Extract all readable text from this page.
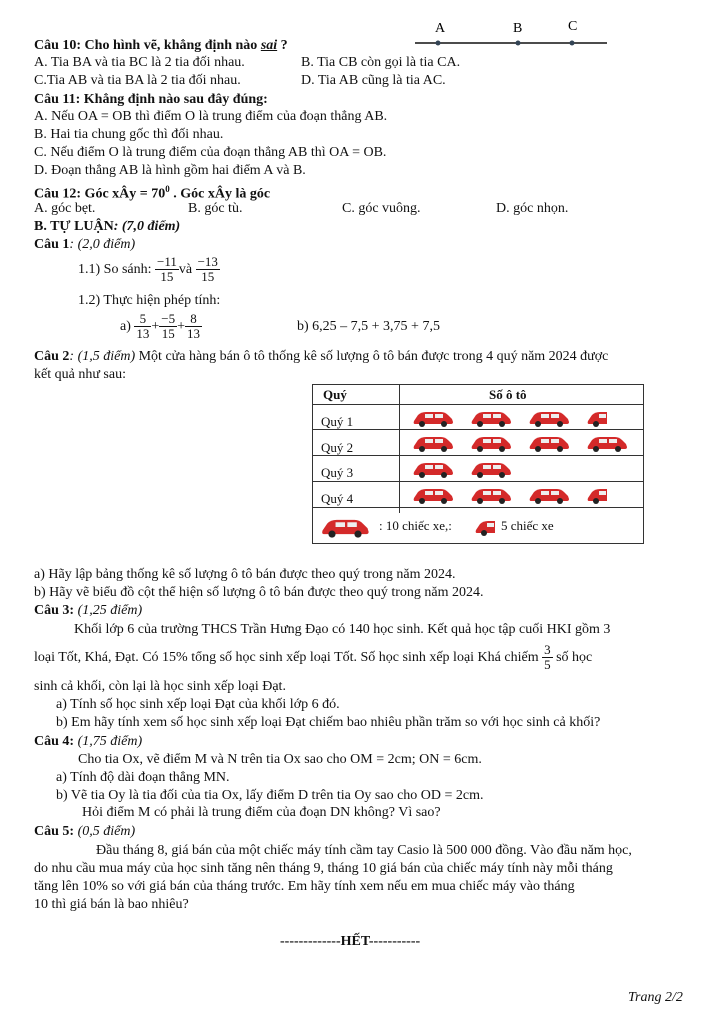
A	B	C
Câu 10: Cho hình vẽ, khẳng định nào sai ?
A. Tia BA và tia BC là 2 tia đối nhau.	B. Tia CB còn gọi là tia CA.
C.Tia AB và tia BA là 2 tia đối nhau.	D. Tia AB cũng là tia AC.
Câu 11: Khẳng định nào sau đây đúng:
A. Nếu OA = OB thì điểm O là trung điểm của đoạn thẳng AB.
B. Hai tia chung gốc thì đối nhau.
C. Nếu điểm O là trung điểm của đoạn thẳng AB thì OA = OB.
D. Đoạn thẳng AB là hình gồm hai điểm A và B.
Câu 12: Góc xÂy = $70^0$ . Góc xÂy là góc
A. góc bẹt.	B. góc tù.	C. góc vuông.	D. góc nhọn.
B. TỰ LUẬN: (7,0 điểm)
Câu 1: (2,0 điểm)
1.1) So sánh: $\frac{-11}{15}$ và $\frac{-13}{15}$
1.2) Thực hiện phép tính:
$a) \frac{5}{13} + \frac{-5}{15} + \frac{8}{13}$	b) 6,25 – 7,5 + 3,75 + 7,5
Câu 2: (1,5 điểm) Một cửa hàng bán ô tô thống kê số lượng ô tô bán được trong 4 quý năm 2024 được
kết quả như sau:
Quý	Số ô tô
Quý 1
Quý 2
Quý 3
Quý 4
: 10 chiếc xe,:	5 chiếc xe
a) Hãy lập bảng thống kê số lượng ô tô bán được theo quý trong năm 2024.
b) Hãy vẽ biểu đồ cột thể hiện số lượng ô tô bán được theo quý trong năm 2024.
Câu 3: (1,25 điểm)
Khối lớp 6 của trường THCS Trần Hưng Đạo có 140 học sinh. Kết quả học tập cuối HKI gồm 3
loại Tốt, Khá, Đạt. Có 15% tổng số học sinh xếp loại Tốt. Số học sinh xếp loại Khá chiếm $\frac{3}{5}$ số học
sinh cả khối, còn lại là học sinh xếp loại Đạt.
a) Tính số học sinh xếp loại Đạt của khối lớp 6 đó.
b) Em hãy tính xem số học sinh xếp loại Đạt chiếm bao nhiêu phần trăm so với học sinh cả khối?
Câu 4: (1,75 điểm)
Cho tia Ox, vẽ điểm M và N trên tia Ox sao cho OM = 2cm; ON = 6cm.
a) Tính độ dài đoạn thẳng MN.
b) Vẽ tia Oy là tia đối của tia Ox, lấy điểm D trên tia Oy sao cho OD = 2cm.
Hỏi điểm M có phải là trung điểm của đoạn DN không? Vì sao?
Câu 5: (0,5 điểm)
Đầu tháng 8, giá bán của một chiếc máy tính cầm tay Casio là 500 000 đồng. Vào đầu năm học,
do nhu cầu mua máy của học sinh tăng nên tháng 9, tháng 10 giá bán của chiếc máy tính này mỗi tháng
tăng lên 10% so với giá bán của tháng trước. Em hãy tính xem nếu em mua chiếc máy vào tháng
10 thì giá bán là bao nhiêu?
-------------HẾT-----------
Trang 2/2
